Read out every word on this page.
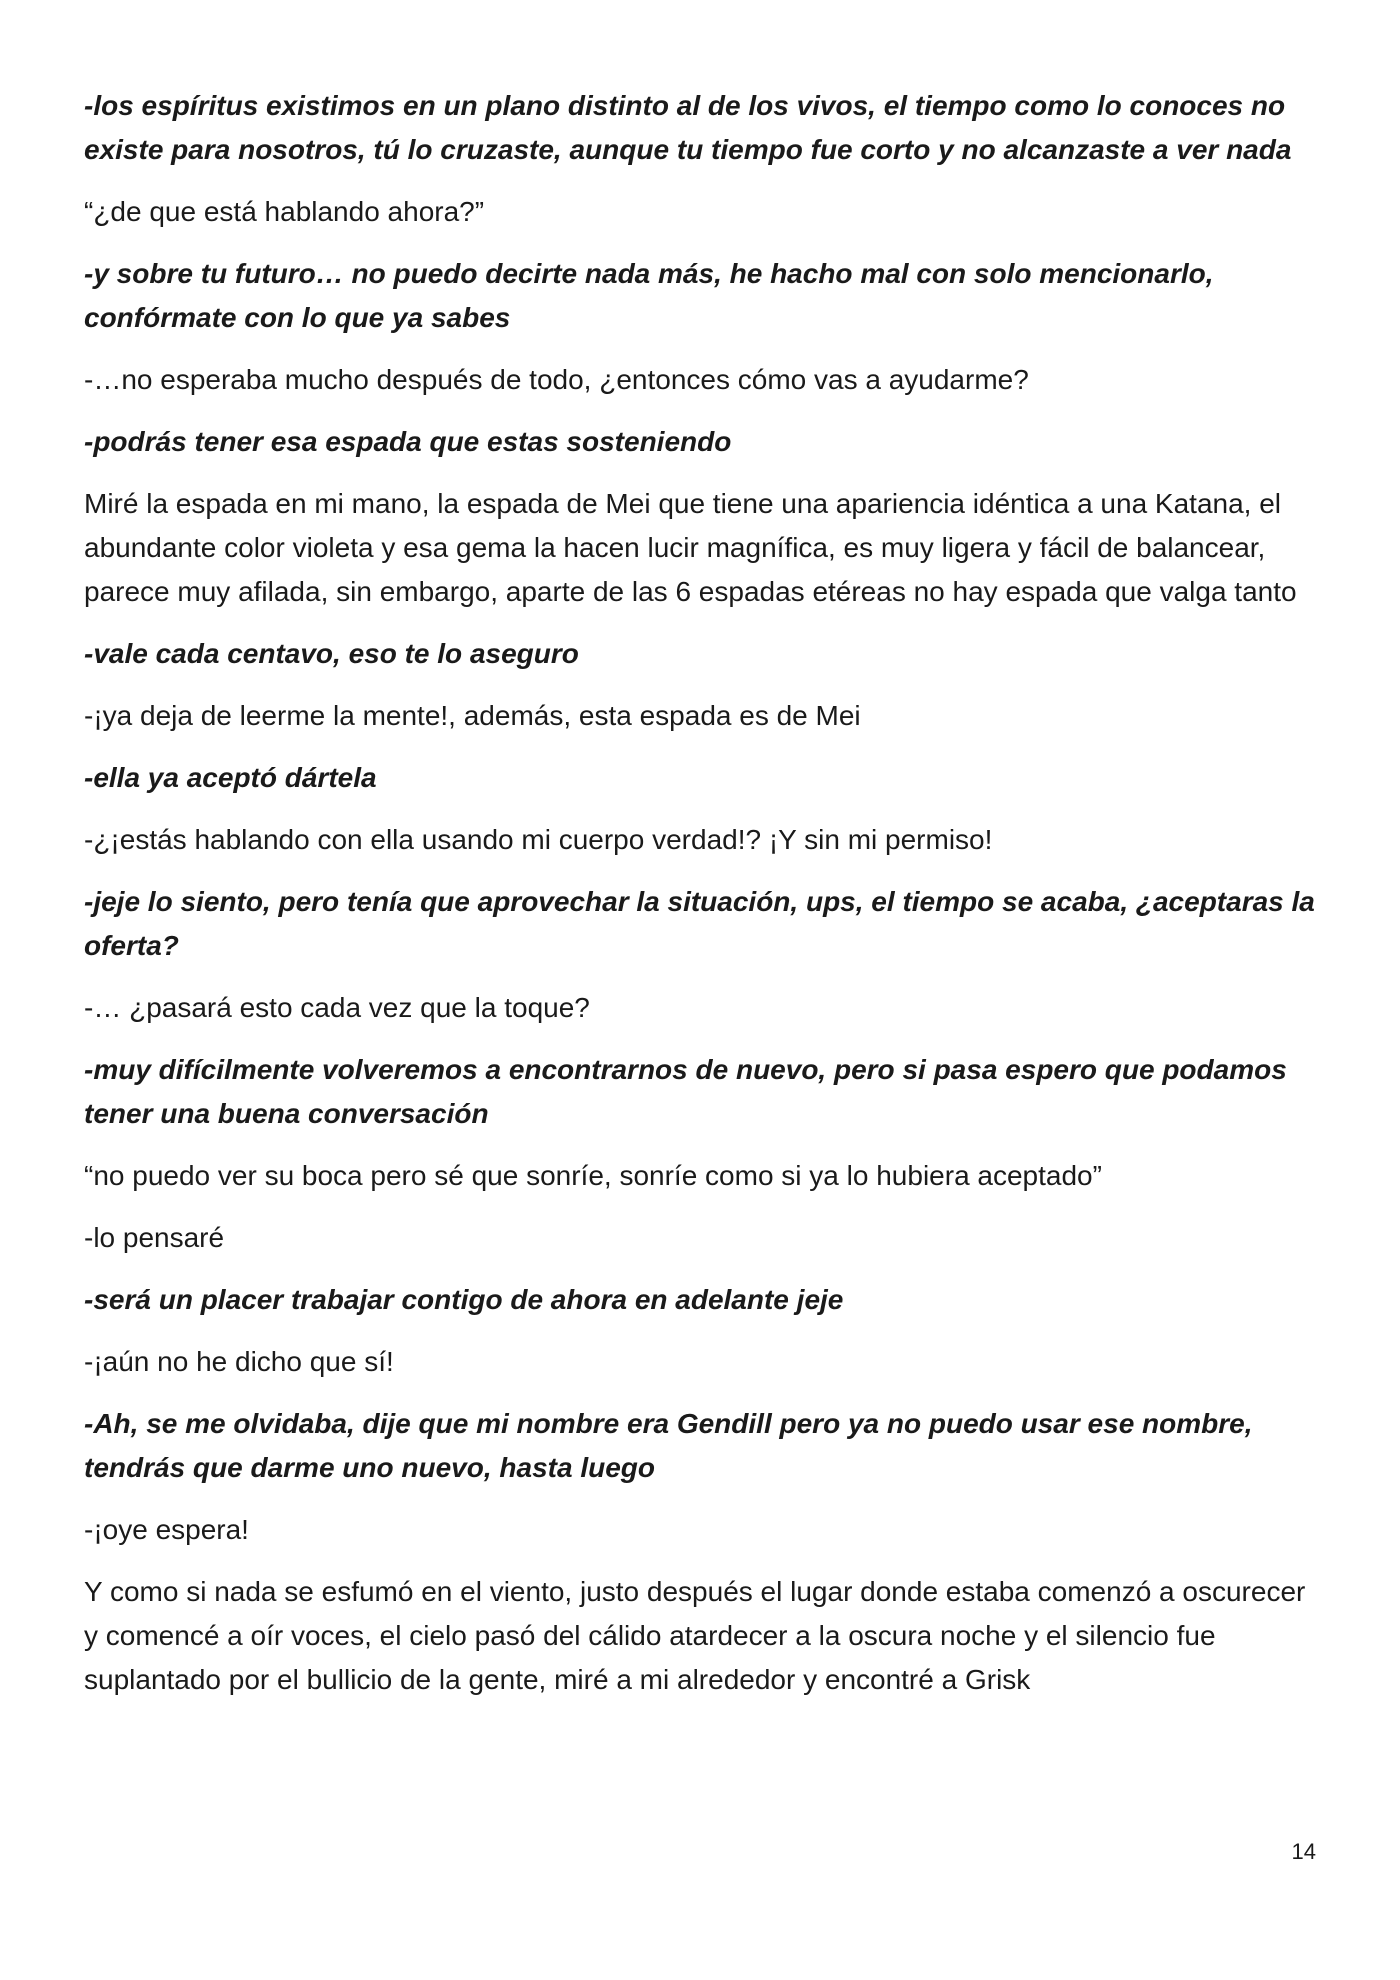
-los espíritus existimos en un plano distinto al de los vivos, el tiempo como lo conoces no existe para nosotros, tú lo cruzaste, aunque tu tiempo fue corto y no alcanzaste a ver nada

“¿de que está hablando ahora?”

-y sobre tu futuro… no puedo decirte nada más, he hacho mal con solo mencionarlo, confórmate con lo que ya sabes

-…no esperaba mucho después de todo, ¿entonces cómo vas a ayudarme?

-podrás tener esa espada que estas sosteniendo

Miré la espada en mi mano, la espada de Mei que tiene una apariencia idéntica a una Katana, el abundante color violeta y esa gema la hacen lucir magnífica, es muy ligera y fácil de balancear, parece muy afilada, sin embargo, aparte de las 6 espadas etéreas no hay espada que valga tanto

-vale cada centavo, eso te lo aseguro

-¡ya deja de leerme la mente!, además, esta espada es de Mei

-ella ya aceptó dártela

-¿¡estás hablando con ella usando mi cuerpo verdad!? ¡Y sin mi permiso!

-jeje lo siento, pero tenía que aprovechar la situación, ups, el tiempo se acaba, ¿aceptaras la oferta?

-… ¿pasará esto cada vez que la toque?

-muy difícilmente volveremos a encontrarnos de nuevo, pero si pasa espero que podamos tener una buena conversación

“no puedo ver su boca pero sé que sonríe, sonríe como si ya lo hubiera aceptado”

-lo pensaré

-será un placer trabajar contigo de ahora en adelante jeje

-¡aún no he dicho que sí!

-Ah, se me olvidaba, dije que mi nombre era Gendill pero ya no puedo usar ese nombre, tendrás que darme uno nuevo, hasta luego

-¡oye espera!

Y como si nada se esfumó en el viento, justo después el lugar donde estaba comenzó a oscurecer y comencé a oír voces, el cielo pasó del cálido atardecer a la oscura noche y el silencio fue suplantado por el bullicio de la gente, miré a mi alrededor y encontré a Grisk

14
